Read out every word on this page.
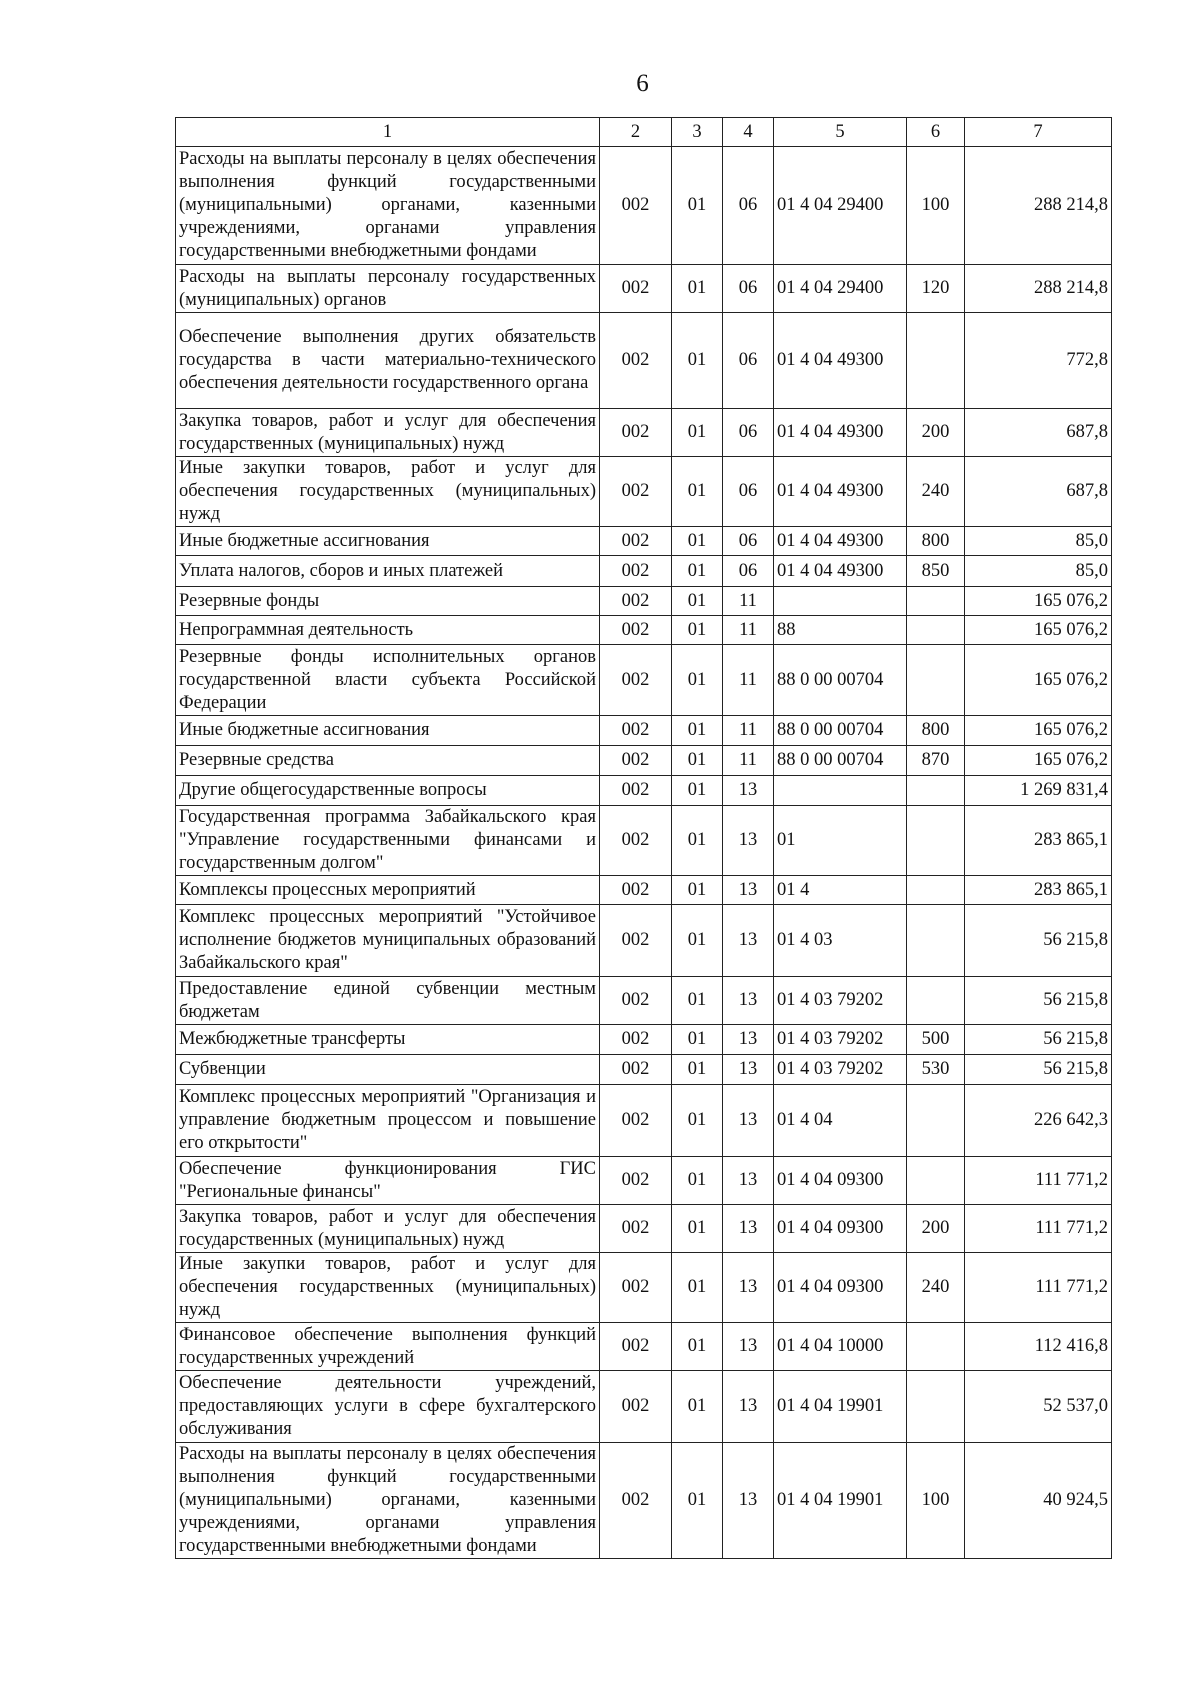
6
1	2	3	4	5	6	7
Расходы на выплаты персоналу в целях обеспечения выполнения функций государственными (муниципальными) органами, казенными учреждениями, органами управления государственными внебюджетными фондами	002	01	06	01 4 04 29400	100	288 214,8
Расходы на выплаты персоналу государственных (муниципальных) органов	002	01	06	01 4 04 29400	120	288 214,8
Обеспечение выполнения других обязательств государства в части материально-технического обеспечения деятельности государственного органа	002	01	06	01 4 04 49300		772,8
Закупка товаров, работ и услуг для обеспечения государственных (муниципальных) нужд	002	01	06	01 4 04 49300	200	687,8
Иные закупки товаров, работ и услуг для обеспечения государственных (муниципальных) нужд	002	01	06	01 4 04 49300	240	687,8
Иные бюджетные ассигнования	002	01	06	01 4 04 49300	800	85,0
Уплата налогов, сборов и иных платежей	002	01	06	01 4 04 49300	850	85,0
Резервные фонды	002	01	11			165 076,2
Непрограммная деятельность	002	01	11	88		165 076,2
Резервные фонды исполнительных органов государственной власти субъекта Российской Федерации	002	01	11	88 0 00 00704		165 076,2
Иные бюджетные ассигнования	002	01	11	88 0 00 00704	800	165 076,2
Резервные средства	002	01	11	88 0 00 00704	870	165 076,2
Другие общегосударственные вопросы	002	01	13			1 269 831,4
Государственная программа Забайкальского края "Управление государственными финансами и государственным долгом"	002	01	13	01		283 865,1
Комплексы процессных мероприятий	002	01	13	01 4		283 865,1
Комплекс процессных мероприятий "Устойчивое исполнение бюджетов муниципальных образований Забайкальского края"	002	01	13	01 4 03		56 215,8
Предоставление единой субвенции местным бюджетам	002	01	13	01 4 03 79202		56 215,8
Межбюджетные трансферты	002	01	13	01 4 03 79202	500	56 215,8
Субвенции	002	01	13	01 4 03 79202	530	56 215,8
Комплекс процессных мероприятий "Организация и управление бюджетным процессом и повышение его открытости"	002	01	13	01 4 04		226 642,3
Обеспечение функционирования ГИС "Региональные финансы"	002	01	13	01 4 04 09300		111 771,2
Закупка товаров, работ и услуг для обеспечения государственных (муниципальных) нужд	002	01	13	01 4 04 09300	200	111 771,2
Иные закупки товаров, работ и услуг для обеспечения государственных (муниципальных) нужд	002	01	13	01 4 04 09300	240	111 771,2
Финансовое обеспечение выполнения функций государственных учреждений	002	01	13	01 4 04 10000		112 416,8
Обеспечение деятельности учреждений, предоставляющих услуги в сфере бухгалтерского обслуживания	002	01	13	01 4 04 19901		52 537,0
Расходы на выплаты персоналу в целях обеспечения выполнения функций государственными (муниципальными) органами, казенными учреждениями, органами управления государственными внебюджетными фондами	002	01	13	01 4 04 19901	100	40 924,5
